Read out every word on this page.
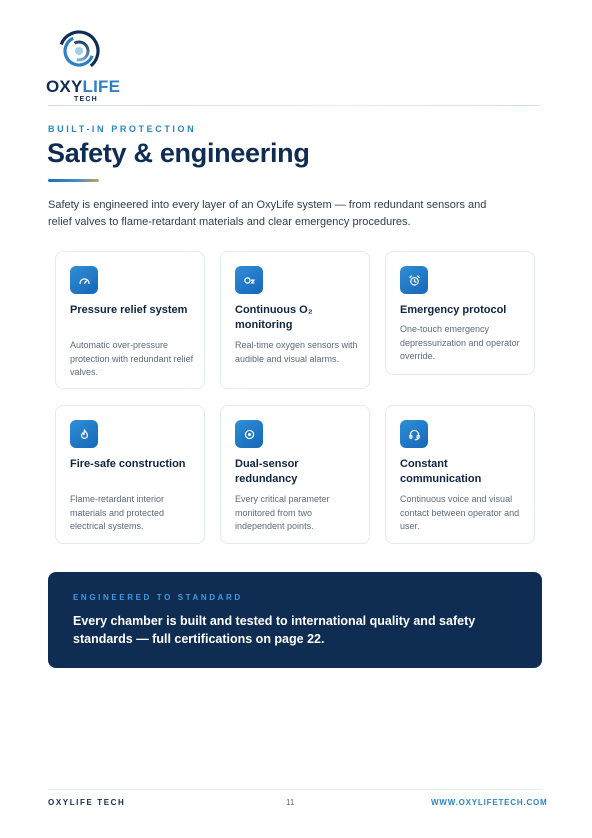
OXYLIFE
TECH
BUILT-IN PROTECTION
Safety & engineering

Safety is engineered into every layer of an OxyLife system — from redundant sensors and relief valves to flame-retardant materials and clear emergency procedures.

Pressure relief system
Automatic over-pressure protection with redundant relief valves.
Continuous O₂ monitoring
Real-time oxygen sensors with audible and visual alarms.
Emergency protocol
One-touch emergency depressurization and operator override.
Fire-safe construction
Flame-retardant interior materials and protected electrical systems.
Dual-sensor redundancy
Every critical parameter monitored from two independent points.
Constant communication
Continuous voice and visual contact between operator and user.
ENGINEERED TO STANDARD
Every chamber is built and tested to international quality and safety standards — full certifications on page 22.
OXYLIFE TECH	11	WWW.OXYLIFETECH.COM
